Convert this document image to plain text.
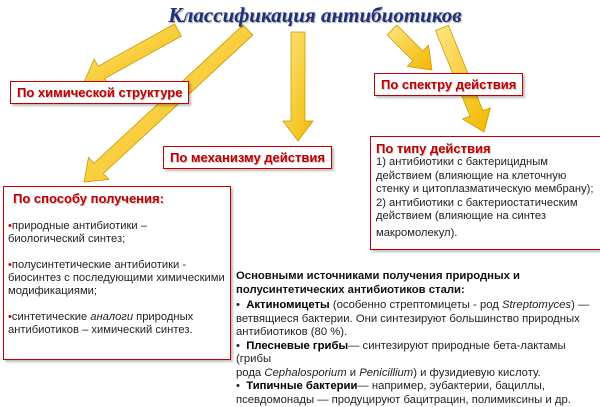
Классификация антибиотиков
По химической структуре
По спектру действия
По механизму действия
По типу действия
1) антибиотики с бактерицидным
действием (влияющие на клеточную
стенку и цитоплазматическую мембрану);
2) антибиотики с бактериостатическим
действием (влияющие на синтез
макромолекул).
По способу получения:
•природные антибиотики –
биологический синтез;
•полусинтетические антибиотики -
биосинтез с последующими химическими
модификациями;
•синтетические аналоги природных
антибиотиков – химический синтез.
Основными источниками получения природных и
полусинтетических антибиотиков стали:
• Актиномицеты (особенно стрептомицеты - род Streptomyces) —
ветвящиеся бактерии. Они синтезируют большинство природных
антибиотиков (80 %).
• Плесневые грибы— синтезируют природные бета-лактамы (грибы
рода Cephalosporium и Penicillium) и фузидиевую кислоту.
• Типичные бактерии— например, эубактерии, бациллы,
псевдомонады — продуцируют бацитрацин, полимиксины и др.
